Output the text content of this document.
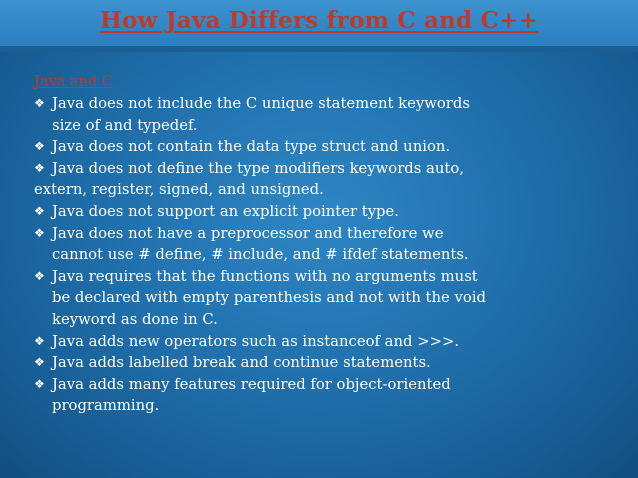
How Java Differs from C and C++
Java and C
❖ Java does not include the C unique statement keywords
size of and typedef.
❖ Java does not contain the data type struct and union.
❖ Java does not define the type modifiers keywords auto,
extern, register, signed, and unsigned.
❖ Java does not support an explicit pointer type.
❖ Java does not have a preprocessor and therefore we
cannot use # define, # include, and # ifdef statements.
❖ Java requires that the functions with no arguments must
be declared with empty parenthesis and not with the void
keyword as done in C.
❖ Java adds new operators such as instanceof and >>>.
❖ Java adds labelled break and continue statements.
❖ Java adds many features required for object-oriented
programming.
